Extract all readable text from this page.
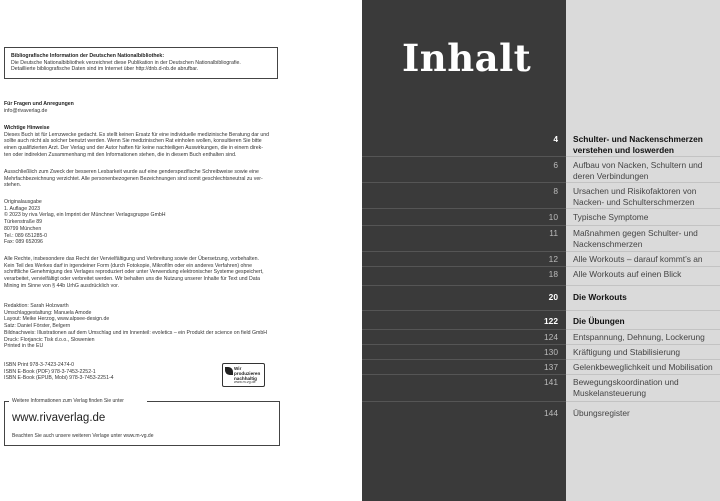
Bibliografische Information der Deutschen Nationalbibliothek:
Die Deutsche Nationalbibliothek verzeichnet diese Publikation in der Deutschen Nationalbibliografie.
Detaillierte bibliografische Daten sind im Internet über http://dnb.d-nb.de abrufbar.

Für Fragen und Anregungen

info@rivaverlag.de

Wichtige Hinweise

Dieses Buch ist für Lernzwecke gedacht. Es stellt keinen Ersatz für eine individuelle medizinische Beratung dar und

sollte auch nicht als solcher benutzt werden. Wenn Sie medizinischen Rat einholen wollen, konsultieren Sie bitte

einen qualifizierten Arzt. Der Verlag und der Autor haften für keine nachteiligen Auswirkungen, die in einem direk-

ten oder indirekten Zusammenhang mit den Informationen stehen, die in diesem Buch enthalten sind.

Ausschließlich zum Zweck der besseren Lesbarkeit wurde auf eine genderspezifische Schreibweise sowie eine

Mehrfachbezeichnung verzichtet. Alle personenbezogenen Bezeichnungen sind somit geschlechtsneutral zu ver-

stehen.

Originalausgabe

1. Auflage 2023

© 2023 by riva Verlag, ein Imprint der Münchner Verlagsgruppe GmbH

Türkenstraße 89

80799 München

Tel.: 089 651285-0

Fax: 089 652096

Alle Rechte, insbesondere das Recht der Vervielfältigung und Verbreitung sowie der Übersetzung, vorbehalten.

Kein Teil des Werkes darf in irgendeiner Form (durch Fotokopie, Mikrofilm oder ein anderes Verfahren) ohne

schriftliche Genehmigung des Verlages reproduziert oder unter Verwendung elektronischer Systeme gespeichert,

verarbeitet, vervielfältigt oder verbreitet werden. Wir behalten uns die Nutzung unserer Inhalte für Text und Data

Mining im Sinne von § 44b UrhG ausdrücklich vor.

Redaktion: Sarah Holzwarth

Umschlaggestaltung: Manuela Amode

Layout: Meike Herzog, www.alpsee-design.de

Satz: Daniel Förster, Belgern

Bildnachweis: Illustrationen auf dem Umschlag und im Innenteil: evoletics – ein Produkt der science on field GmbH

Druck: Florjancic Tisk d.o.o., Slowenien

Printed in the EU

ISBN Print 978-3-7423-2474-0

ISBN E-Book (PDF) 978-3-7453-2252-1

ISBN E-Book (EPUB, Mobi) 978-3-7453-2251-4

Wir produzieren nachhaltig
www.m-vg.de
Weitere Informationen zum Verlag finden Sie unter
www.rivaverlag.de
Beachten Sie auch unsere weiteren Verlage unter www.m-vg.de
Inhalt
4 Schulter- und Nackenschmerzen verstehen und loswerden
6 Aufbau von Nacken, Schultern und deren Verbindungen
8 Ursachen und Risikofaktoren von Nacken- und Schulterschmerzen
10 Typische Symptome
11 Maßnahmen gegen Schulter- und Nackenschmerzen
12 Alle Workouts – darauf kommt’s an
18 Alle Workouts auf einen Blick
20 Die Workouts
122 Die Übungen
124 Entspannung, Dehnung, Lockerung
130 Kräftigung und Stabilisierung
137 Gelenkbeweglichkeit und Mobilisation
141 Bewegungskoordination und Muskelansteuerung
144 Übungsregister
